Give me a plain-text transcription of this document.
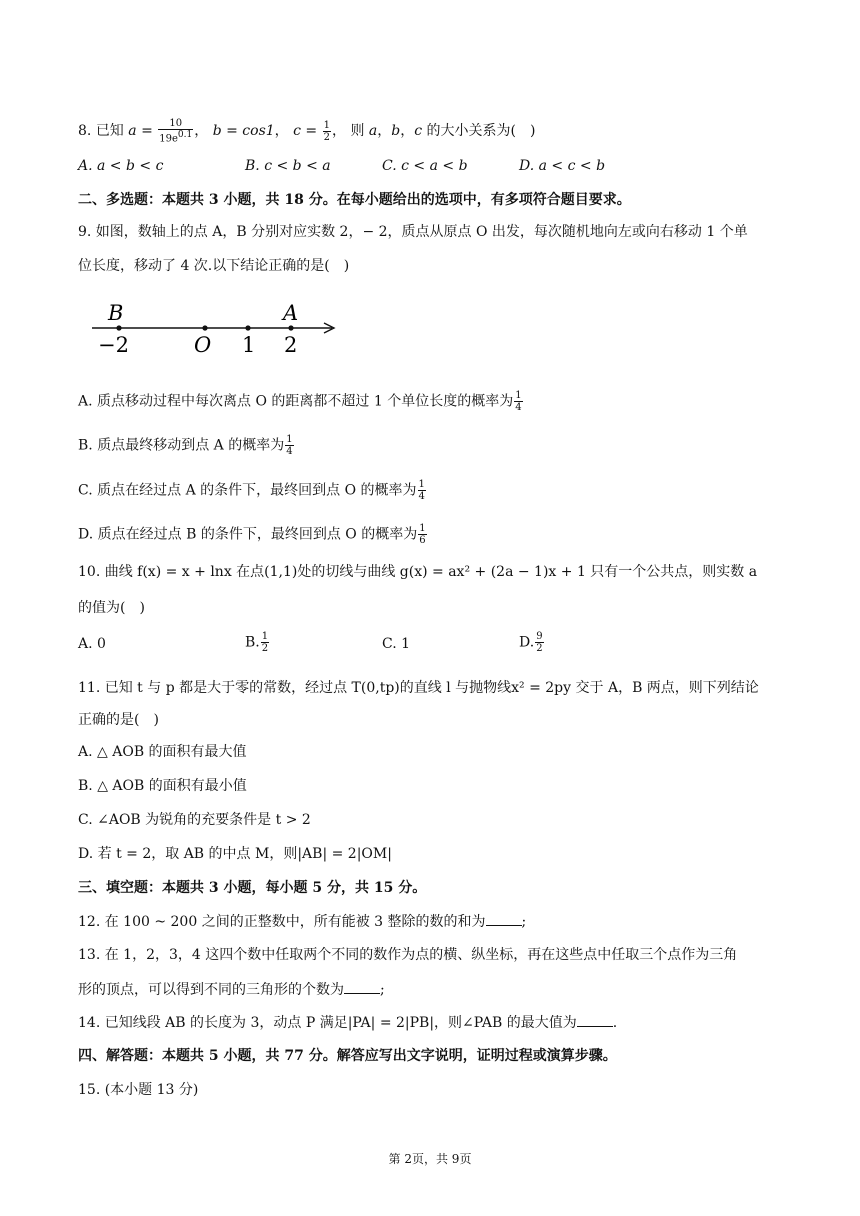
8. 已知 $a = \frac{10}{19e^{0.1}}$ ， b = cos1， $c = \frac{1}{2}$ ， 则 a，b，c 的大小关系为(　)
A. a < b < c	B. c < b < a	C. c < a < b	D. a < c < b
二、多选题：本题共 3 小题，共 18 分。在每小题给出的选项中，有多项符合题目要求。
9. 如图，数轴上的点 A，B 分别对应实数 2，− 2，质点从原点 O 出发，每次随机地向左或向右移动 1 个单
位长度，移动了 4 次.以下结论正确的是(　)
B	A
−2	O 1 2
A. 质点移动过程中每次离点 O 的距离都不超过 1 个单位长度的概率为 $\frac{1}{4}$
B. 质点最终移动到点 A 的概率为 $\frac{1}{4}$
C. 质点在经过点 A 的条件下，最终回到点 O 的概率为 $\frac{1}{4}$
D. 质点在经过点 B 的条件下，最终回到点 O 的概率为 $\frac{1}{6}$
10. 曲线 f(x) = x + lnx 在点(1,1)处的切线与曲线 g(x) = ax² + (2a − 1)x + 1 只有一个公共点，则实数 a
的值为(　)
A. 0	B. $\frac{1}{2}$	C. 1	D. $\frac{9}{2}$
11. 已知 t 与 p 都是大于零的常数，经过点 T(0,tp)的直线 l 与抛物线x² = 2py 交于 A，B 两点，则下列结论
正确的是(　)
A. △ AOB 的面积有最大值
B. △ AOB 的面积有最小值
C. ∠AOB 为锐角的充要条件是 t > 2
D. 若 t = 2，取 AB 的中点 M，则|AB| = 2|OM|
三、填空题：本题共 3 小题，每小题 5 分，共 15 分。
12. 在 100 ~ 200 之间的正整数中，所有能被 3 整除的数的和为	;
13. 在 1，2，3，4 这四个数中任取两个不同的数作为点的横、纵坐标，再在这些点中任取三个点作为三角
形的顶点，可以得到不同的三角形的个数为	;
14. 已知线段 AB 的长度为 3，动点 P 满足|PA| = 2|PB|，则∠PAB 的最大值为	.
四、解答题：本题共 5 小题，共 77 分。解答应写出文字说明，证明过程或演算步骤。
15. (本小题 13 分)
第 2页，共 9页
